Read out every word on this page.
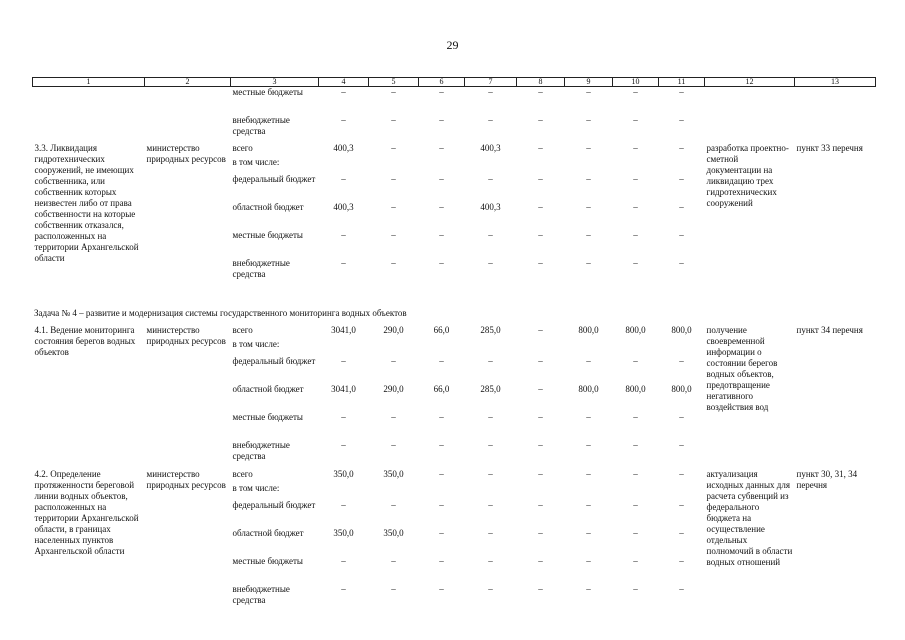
29
1	2	3	4	5	6	7	8	9	10	11	12	13
		местные бюджеты	–	–	–	–	–	–	–	–		
		внебюджетные средства	–	–	–	–	–	–	–	–		
3.3. Ликвидация гидротехнических сооружений, не имеющих собственника, или собственник которых неизвестен либо от права собственности на которые собственник отказался, расположенных на территории Архангельской области	министерство природных ресурсов	всего	400,3	–	–	400,3	–	–	–	–	разработка проектно-сметной документации на ликвидацию трех гидротехнических сооружений	пункт 33 перечня
		в том числе:										
		федеральный бюджет	–	–	–	–	–	–	–	–		
		областной бюджет	400,3	–	–	400,3	–	–	–	–		
		местные бюджеты	–	–	–	–	–	–	–	–		
		внебюджетные средства	–	–	–	–	–	–	–	–		

4.1. Ведение мониторинга состояния берегов водных объектов	министерство природных ресурсов	всего	3041,0	290,0	66,0	285,0	–	800,0	800,0	800,0	получение своевременной информации о состоянии берегов водных объектов, предотвращение негативного воздействия вод	пункт 34 перечня
		в том числе:										
		федеральный бюджет	–	–	–	–	–	–	–	–		
		областной бюджет	3041,0	290,0	66,0	285,0	–	800,0	800,0	800,0		
		местные бюджеты	–	–	–	–	–	–	–	–		
		внебюджетные средства	–	–	–	–	–	–	–	–		
4.2. Определение протяженности береговой линии водных объектов, расположенных на территории Архангельской области, в границах населенных пунктов Архангельской области	министерство природных ресурсов	всего	350,0	350,0	–	–	–	–	–	–	актуализация исходных данных для расчета субвенций из федерального бюджета на осуществление отдельных полномочий в области водных отношений	пункт 30, 31, 34 перечня
		в том числе:										
		федеральный бюджет	–	–	–	–	–	–	–	–		
		областной бюджет	350,0	350,0	–	–	–	–	–	–		
		местные бюджеты	–	–	–	–	–	–	–	–		
		внебюджетные средства	–	–	–	–	–	–	–	–		
Задача № 4 – развитие и модернизация системы государственного мониторинга водных объектов
